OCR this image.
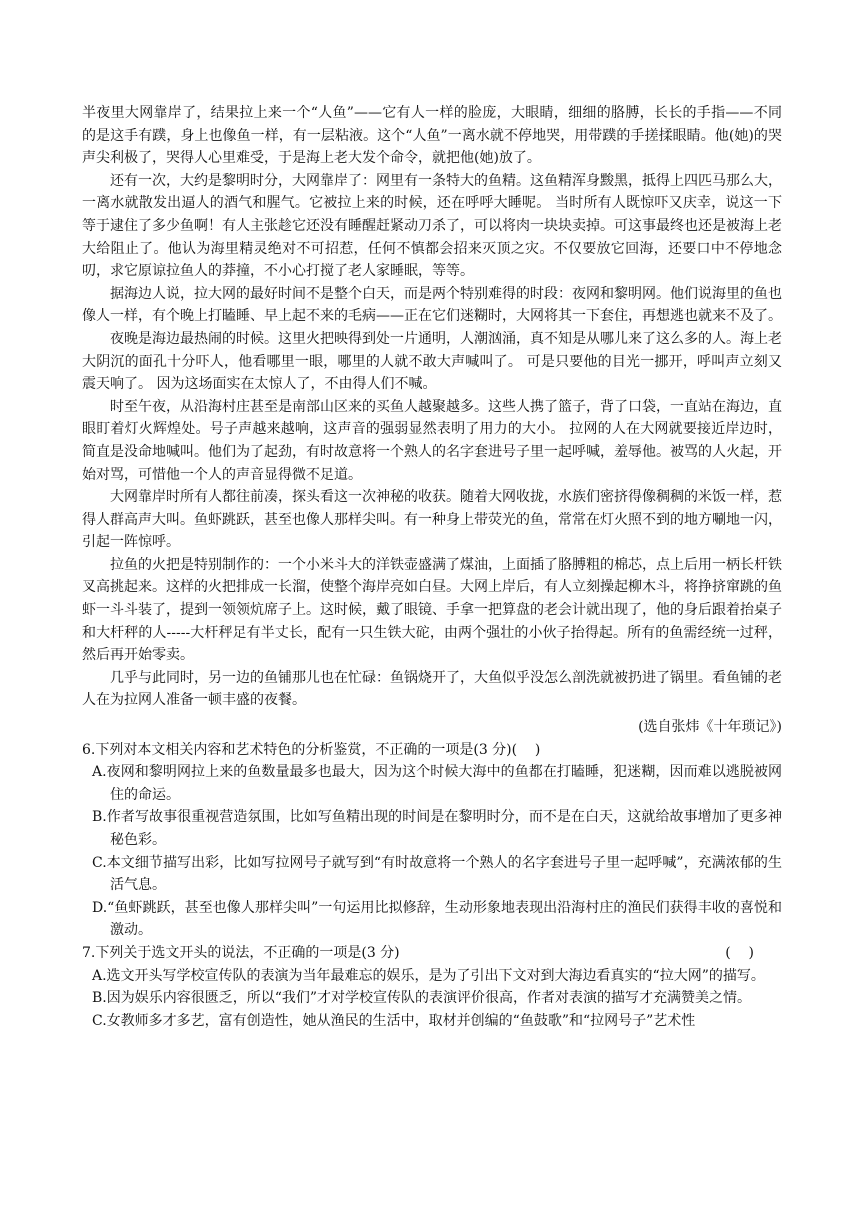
半夜里大网靠岸了，结果拉上来一个“人鱼”——它有人一样的脸庞，大眼睛，细细的胳膊，长长的手指——不同的是这手有蹼，身上也像鱼一样，有一层粘液。这个“人鱼”一离水就不停地哭，用带蹼的手搓揉眼睛。他(她)的哭声尖利极了，哭得人心里难受，于是海上老大发个命令，就把他(她)放了。

还有一次，大约是黎明时分，大网靠岸了：网里有一条特大的鱼精。这鱼精浑身黢黑，抵得上四匹马那么大，一离水就散发出逼人的酒气和腥气。它被拉上来的时候，还在呼呼大睡呢。 当时所有人既惊吓又庆幸，说这一下等于逮住了多少鱼啊！有人主张趁它还没有睡醒赶紧动刀杀了，可以将肉一块块卖掉。可这事最终也还是被海上老大给阻止了。他认为海里精灵绝对不可招惹，任何不慎都会招来灭顶之灾。不仅要放它回海，还要口中不停地念叨，求它原谅拉鱼人的莽撞，不小心打搅了老人家睡眠，等等。

据海边人说，拉大网的最好时间不是整个白天，而是两个特别难得的时段：夜网和黎明网。他们说海里的鱼也像人一样，有个晚上打瞌睡、早上起不来的毛病——正在它们迷糊时，大网将其一下套住，再想逃也就来不及了。

夜晚是海边最热闹的时候。这里火把映得到处一片通明，人潮汹涌，真不知是从哪儿来了这么多的人。海上老大阴沉的面孔十分吓人，他看哪里一眼，哪里的人就不敢大声喊叫了。 可是只要他的目光一挪开，呼叫声立刻又震天响了。 因为这场面实在太惊人了，不由得人们不喊。

时至午夜，从沿海村庄甚至是南部山区来的买鱼人越聚越多。这些人携了篮子，背了口袋，一直站在海边，直眼盯着灯火辉煌处。号子声越来越响，这声音的强弱显然表明了用力的大小。 拉网的人在大网就要接近岸边时，简直是没命地喊叫。他们为了起劲，有时故意将一个熟人的名字套进号子里一起呼喊，羞辱他。被骂的人火起，开始对骂，可惜他一个人的声音显得微不足道。

大网靠岸时所有人都往前凑，探头看这一次神秘的收获。随着大网收拢，水族们密挤得像稠稠的米饭一样，惹得人群高声大叫。鱼虾跳跃，甚至也像人那样尖叫。有一种身上带荧光的鱼，常常在灯火照不到的地方唰地一闪，引起一阵惊呼。

拉鱼的火把是特别制作的：一个小米斗大的洋铁壶盛满了煤油，上面插了胳膊粗的棉芯，点上后用一柄长杆铁叉高挑起来。这样的火把排成一长溜，使整个海岸亮如白昼。大网上岸后，有人立刻操起柳木斗，将挣挤窜跳的鱼虾一斗斗装了，提到一领领炕席子上。这时候，戴了眼镜、手拿一把算盘的老会计就出现了，他的身后跟着抬桌子和大杆秤的人-----大杆秤足有半丈长，配有一只生铁大砣，由两个强壮的小伙子抬得起。所有的鱼需经统一过秤，然后再开始零卖。

几乎与此同时，另一边的鱼铺那儿也在忙碌：鱼锅烧开了，大鱼似乎没怎么剖洗就被扔进了锅里。看鱼铺的老人在为拉网人准备一顿丰盛的夜餐。

(选自张炜《十年琐记》)

6.下列对本文相关内容和艺术特色的分析鉴赏，不正确的一项是(3 分)(    )

A.夜网和黎明网拉上来的鱼数量最多也最大，因为这个时候大海中的鱼都在打瞌睡，犯迷糊，因而难以逃脱被网住的命运。

B.作者写故事很重视营造氛围，比如写鱼精出现的时间是在黎明时分，而不是在白天，这就给故事增加了更多神秘色彩。

C.本文细节描写出彩，比如写拉网号子就写到“有时故意将一个熟人的名字套进号子里一起呼喊”，充满浓郁的生活气息。

D.“鱼虾跳跃，甚至也像人那样尖叫”一句运用比拟修辞，生动形象地表现出沿海村庄的渔民们获得丰收的喜悦和激动。

7.下列关于选文开头的说法，不正确的一项是(3 分)	(    )

A.选文开头写学校宣传队的表演为当年最难忘的娱乐，是为了引出下文对到大海边看真实的“拉大网”的描写。

B.因为娱乐内容很匮乏，所以“我们”才对学校宣传队的表演评价很高，作者对表演的描写才充满赞美之情。

C.女教师多才多艺，富有创造性，她从渔民的生活中，取材并创编的“鱼鼓歌”和“拉网号子”艺术性
